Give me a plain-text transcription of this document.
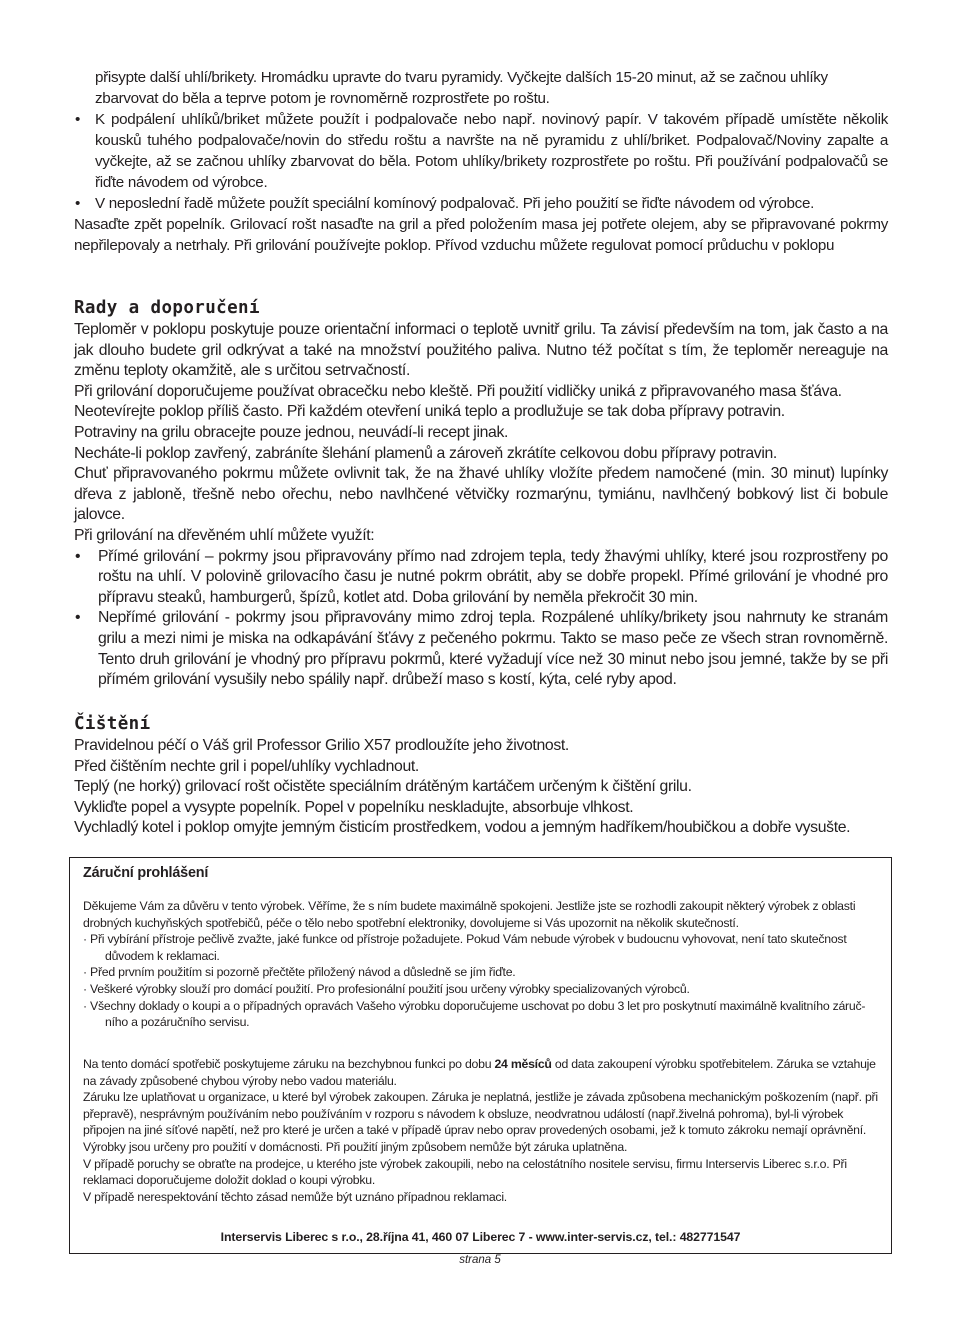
přisypte další uhlí/brikety. Hromádku upravte do tvaru pyramidy. Vyčkejte dalších 15-20 minut, až se začnou uhlíky

zbarvovat do běla a teprve potom je rovnoměrně rozprostřete po roštu.

• K podpálení uhlíků/briket můžete použít i podpalovače nebo např. novinový papír. V takovém případě umístěte několik kousků tuhého podpalovače/novin do středu roštu a navršte na ně pyramidu z uhlí/briket. Podpalovač/Noviny zapalte a vyčkejte, až se začnou uhlíky zbarvovat do běla. Potom uhlíky/brikety rozprostřete po roštu. Při používání podpalovačů se řiďte návodem od výrobce.

• V neposlední řadě můžete použít speciální komínový podpalovač. Při jeho použití se řiďte návodem od výrobce.

Nasaďte zpět popelník. Grilovací rošt nasaďte na gril a před položením masa jej potřete olejem, aby se připravované pokrmy nepřilepovaly a netrhaly. Při grilování používejte poklop. Přívod vzduchu můžete regulovat pomocí průduchu v poklopu

Rady a doporučení

Teploměr v poklopu poskytuje pouze orientační informaci o teplotě uvnitř grilu. Ta závisí především na tom, jak často a na jak dlouho budete gril odkrývat a také na množství použitého paliva. Nutno též počítat s tím, že teploměr nereaguje na změnu teploty okamžitě, ale s určitou setrvačností.

Při grilování doporučujeme používat obracečku nebo kleště. Při použití vidličky uniká z připravovaného masa šťáva.

Neotevírejte poklop příliš často. Při každém otevření uniká teplo a prodlužuje se tak doba přípravy potravin.

Potraviny na grilu obracejte pouze jednou, neuvádí-li recept jinak.

Necháte-li poklop zavřený, zabráníte šlehání plamenů a zároveň zkrátíte celkovou dobu přípravy potravin.

Chuť připravovaného pokrmu můžete ovlivnit tak, že na žhavé uhlíky vložíte předem namočené (min. 30 minut) lupínky dřeva z jabloně, třešně nebo ořechu, nebo navlhčené větvičky rozmarýnu, tymiánu, navlhčený bobkový list či bobule jalovce.

Při grilování na dřevěném uhlí můžete využít:

• Přímé grilování – pokrmy jsou připravovány přímo nad zdrojem tepla, tedy žhavými uhlíky, které jsou rozprostřeny po roštu na uhlí. V polovině grilovacího času je nutné pokrm obrátit, aby se dobře propekl. Přímé grilování je vhodné pro přípravu steaků, hamburgerů, špízů, kotlet atd. Doba grilování by neměla překročit 30 min.

• Nepřímé grilování - pokrmy jsou připravovány mimo zdroj tepla. Rozpálené uhlíky/brikety jsou nahrnuty ke stranám grilu a mezi nimi je miska na odkapávání šťávy z pečeného pokrmu. Takto se maso peče ze všech stran rovnoměrně. Tento druh grilování je vhodný pro přípravu pokrmů, které vyžadují více než 30 minut nebo jsou jemné, takže by se při přímém grilování vysušily nebo spálily např. drůbeží maso s kostí, kýta, celé ryby apod.

Čištění

Pravidelnou péčí o Váš gril Professor Grilio X57 prodloužíte jeho životnost.

Před čištěním nechte gril i popel/uhlíky vychladnout.

Teplý (ne horký) grilovací rošt očistěte speciálním drátěným kartáčem určeným k čištění grilu.

Vykliďte popel a vysypte popelník. Popel v popelníku neskladujte, absorbuje vlhkost.

Vychladlý kotel i poklop omyjte jemným čisticím prostředkem, vodou a jemným hadříkem/houbičkou a dobře vysušte.

Záruční prohlášení

Děkujeme Vám za důvěru v tento výrobek. Věříme, že s ním budete maximálně spokojeni. Jestliže jste se rozhodli zakoupit některý výrobek z oblasti drobných kuchyňských spotřebičů, péče o tělo nebo spotřební elektroniky, dovolujeme si Vás upozornit na několik skutečností.

· Při vybírání přístroje pečlivě zvažte, jaké funkce od přístroje požadujete. Pokud Vám nebude výrobek v budoucnu vyhovovat, není tato skutečnost

důvodem k reklamaci.

· Před prvním použitím si pozorně přečtěte přiložený návod a důsledně se jím řiďte.

· Veškeré výrobky slouží pro domácí použití. Pro profesionální použití jsou určeny výrobky specializovaných výrobců.

· Všechny doklady o koupi a o případných opravách Vašeho výrobku doporučujeme uschovat po dobu 3 let pro poskytnutí maximálně kvalitního záruč-

ního a pozáručního servisu.

Na tento domácí spotřebič poskytujeme záruku na bezchybnou funkci po dobu 24 měsíců od data zakoupení výrobku spotřebitelem. Záruka se vztahuje na závady způsobené chybou výroby nebo vadou materiálu.

Záruku lze uplatňovat u organizace, u které byl výrobek zakoupen. Záruka je neplatná, jestliže je závada způsobena mechanickým poškozením (např. při přepravě), nesprávným používáním nebo používáním v rozporu s návodem k obsluze, neodvratnou událostí (např.živelná pohroma), byl-li výrobek připojen na jiné síťové napětí, než pro které je určen a také v případě úprav nebo oprav provedených osobami, jež k tomuto zákroku nemají oprávnění. Výrobky jsou určeny pro použití v domácnosti. Při použití jiným způsobem nemůže být záruka uplatněna.

V případě poruchy se obraťte na prodejce, u kterého jste výrobek zakoupili, nebo na celostátního nositele servisu, firmu Interservis Liberec s.r.o. Při reklamaci doporučujeme doložit doklad o koupi výrobku.

V případě nerespektování těchto zásad nemůže být uznáno případnou reklamaci.

Interservis Liberec s r.o., 28.října 41, 460 07 Liberec 7 - www.inter-servis.cz, tel.: 482771547

strana 5
